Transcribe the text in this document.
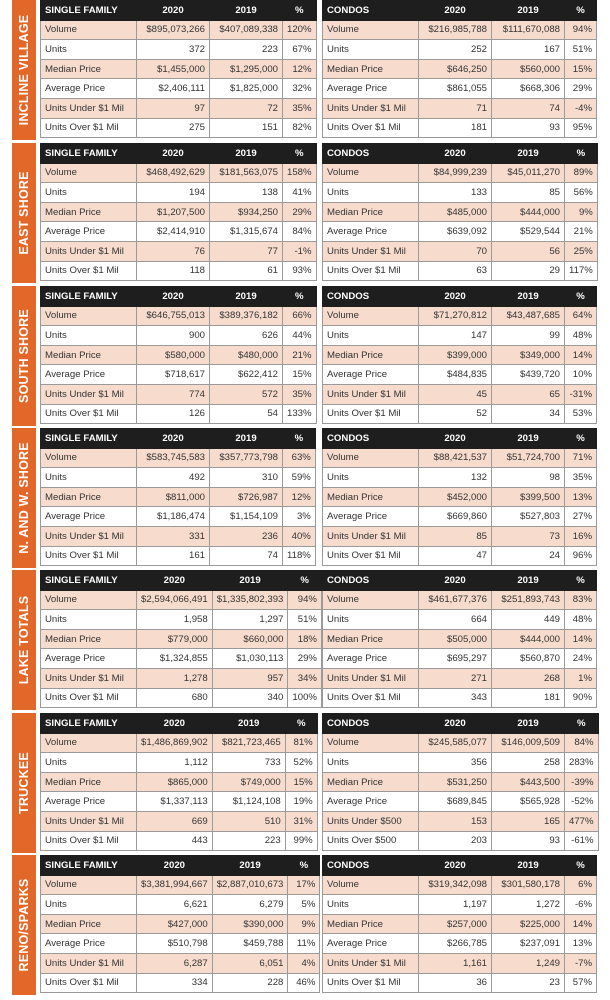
INCLINE VILLAGE
SINGLE FAMILY	2020	2019	%
Volume	$895,073,266	$407,089,338	120%
Units	372	223	67%
Median Price	$1,455,000	$1,295,000	12%
Average Price	$2,406,111	$1,825,000	32%
Units Under $1 Mil	97	72	35%
Units Over $1 Mil	275	151	82%
CONDOS	2020	2019	%
Volume	$216,985,788	$111,670,088	94%
Units	252	167	51%
Median Price	$646,250	$560,000	15%
Average Price	$861,055	$668,306	29%
Units Under $1 Mil	71	74	-4%
Units Over $1 Mil	181	93	95%
EAST SHORE
SINGLE FAMILY	2020	2019	%
Volume	$468,492,629	$181,563,075	158%
Units	194	138	41%
Median Price	$1,207,500	$934,250	29%
Average Price	$2,414,910	$1,315,674	84%
Units Under $1 Mil	76	77	-1%
Units Over $1 Mil	118	61	93%
CONDOS	2020	2019	%
Volume	$84,999,239	$45,011,270	89%
Units	133	85	56%
Median Price	$485,000	$444,000	9%
Average Price	$639,092	$529,544	21%
Units Under $1 Mil	70	56	25%
Units Over $1 Mil	63	29	117%
SOUTH SHORE
SINGLE FAMILY	2020	2019	%
Volume	$646,755,013	$389,376,182	66%
Units	900	626	44%
Median Price	$580,000	$480,000	21%
Average Price	$718,617	$622,412	15%
Units Under $1 Mil	774	572	35%
Units Over $1 Mil	126	54	133%
CONDOS	2020	2019	%
Volume	$71,270,812	$43,487,685	64%
Units	147	99	48%
Median Price	$399,000	$349,000	14%
Average Price	$484,835	$439,720	10%
Units Under $1 Mil	45	65	-31%
Units Over $1 Mil	52	34	53%
N. AND W. SHORE
SINGLE FAMILY	2020	2019	%
Volume	$583,745,583	$357,773,798	63%
Units	492	310	59%
Median Price	$811,000	$726,987	12%
Average Price	$1,186,474	$1,154,109	3%
Units Under $1 Mil	331	236	40%
Units Over $1 Mil	161	74	118%
CONDOS	2020	2019	%
Volume	$88,421,537	$51,724,700	71%
Units	132	98	35%
Median Price	$452,000	$399,500	13%
Average Price	$669,860	$527,803	27%
Units Under $1 Mil	85	73	16%
Units Over $1 Mil	47	24	96%
LAKE TOTALS
SINGLE FAMILY	2020	2019	%
Volume	$2,594,066,491	$1,335,802,393	94%
Units	1,958	1,297	51%
Median Price	$779,000	$660,000	18%
Average Price	$1,324,855	$1,030,113	29%
Units Under $1 Mil	1,278	957	34%
Units Over $1 Mil	680	340	100%
CONDOS	2020	2019	%
Volume	$461,677,376	$251,893,743	83%
Units	664	449	48%
Median Price	$505,000	$444,000	14%
Average Price	$695,297	$560,870	24%
Units Under $1 Mil	271	268	1%
Units Over $1 Mil	343	181	90%
TRUCKEE
SINGLE FAMILY	2020	2019	%
Volume	$1,486,869,902	$821,723,465	81%
Units	1,112	733	52%
Median Price	$865,000	$749,000	15%
Average Price	$1,337,113	$1,124,108	19%
Units Under $1 Mil	669	510	31%
Units Over $1 Mil	443	223	99%
CONDOS	2020	2019	%
Volume	$245,585,077	$146,009,509	84%
Units	356	258	283%
Median Price	$531,250	$443,500	-39%
Average Price	$689,845	$565,928	-52%
Units Under $500	153	165	477%
Units Over $500	203	93	-61%
RENO/SPARKS
SINGLE FAMILY	2020	2019	%
Volume	$3,381,994,667	$2,887,010,673	17%
Units	6,621	6,279	5%
Median Price	$427,000	$390,000	9%
Average Price	$510,798	$459,788	11%
Units Under $1 Mil	6,287	6,051	4%
Units Over $1 Mil	334	228	46%
CONDOS	2020	2019	%
Volume	$319,342,098	$301,580,178	6%
Units	1,197	1,272	-6%
Median Price	$257,000	$225,000	14%
Average Price	$266,785	$237,091	13%
Units Under $1 Mil	1,161	1,249	-7%
Units Over $1 Mil	36	23	57%
